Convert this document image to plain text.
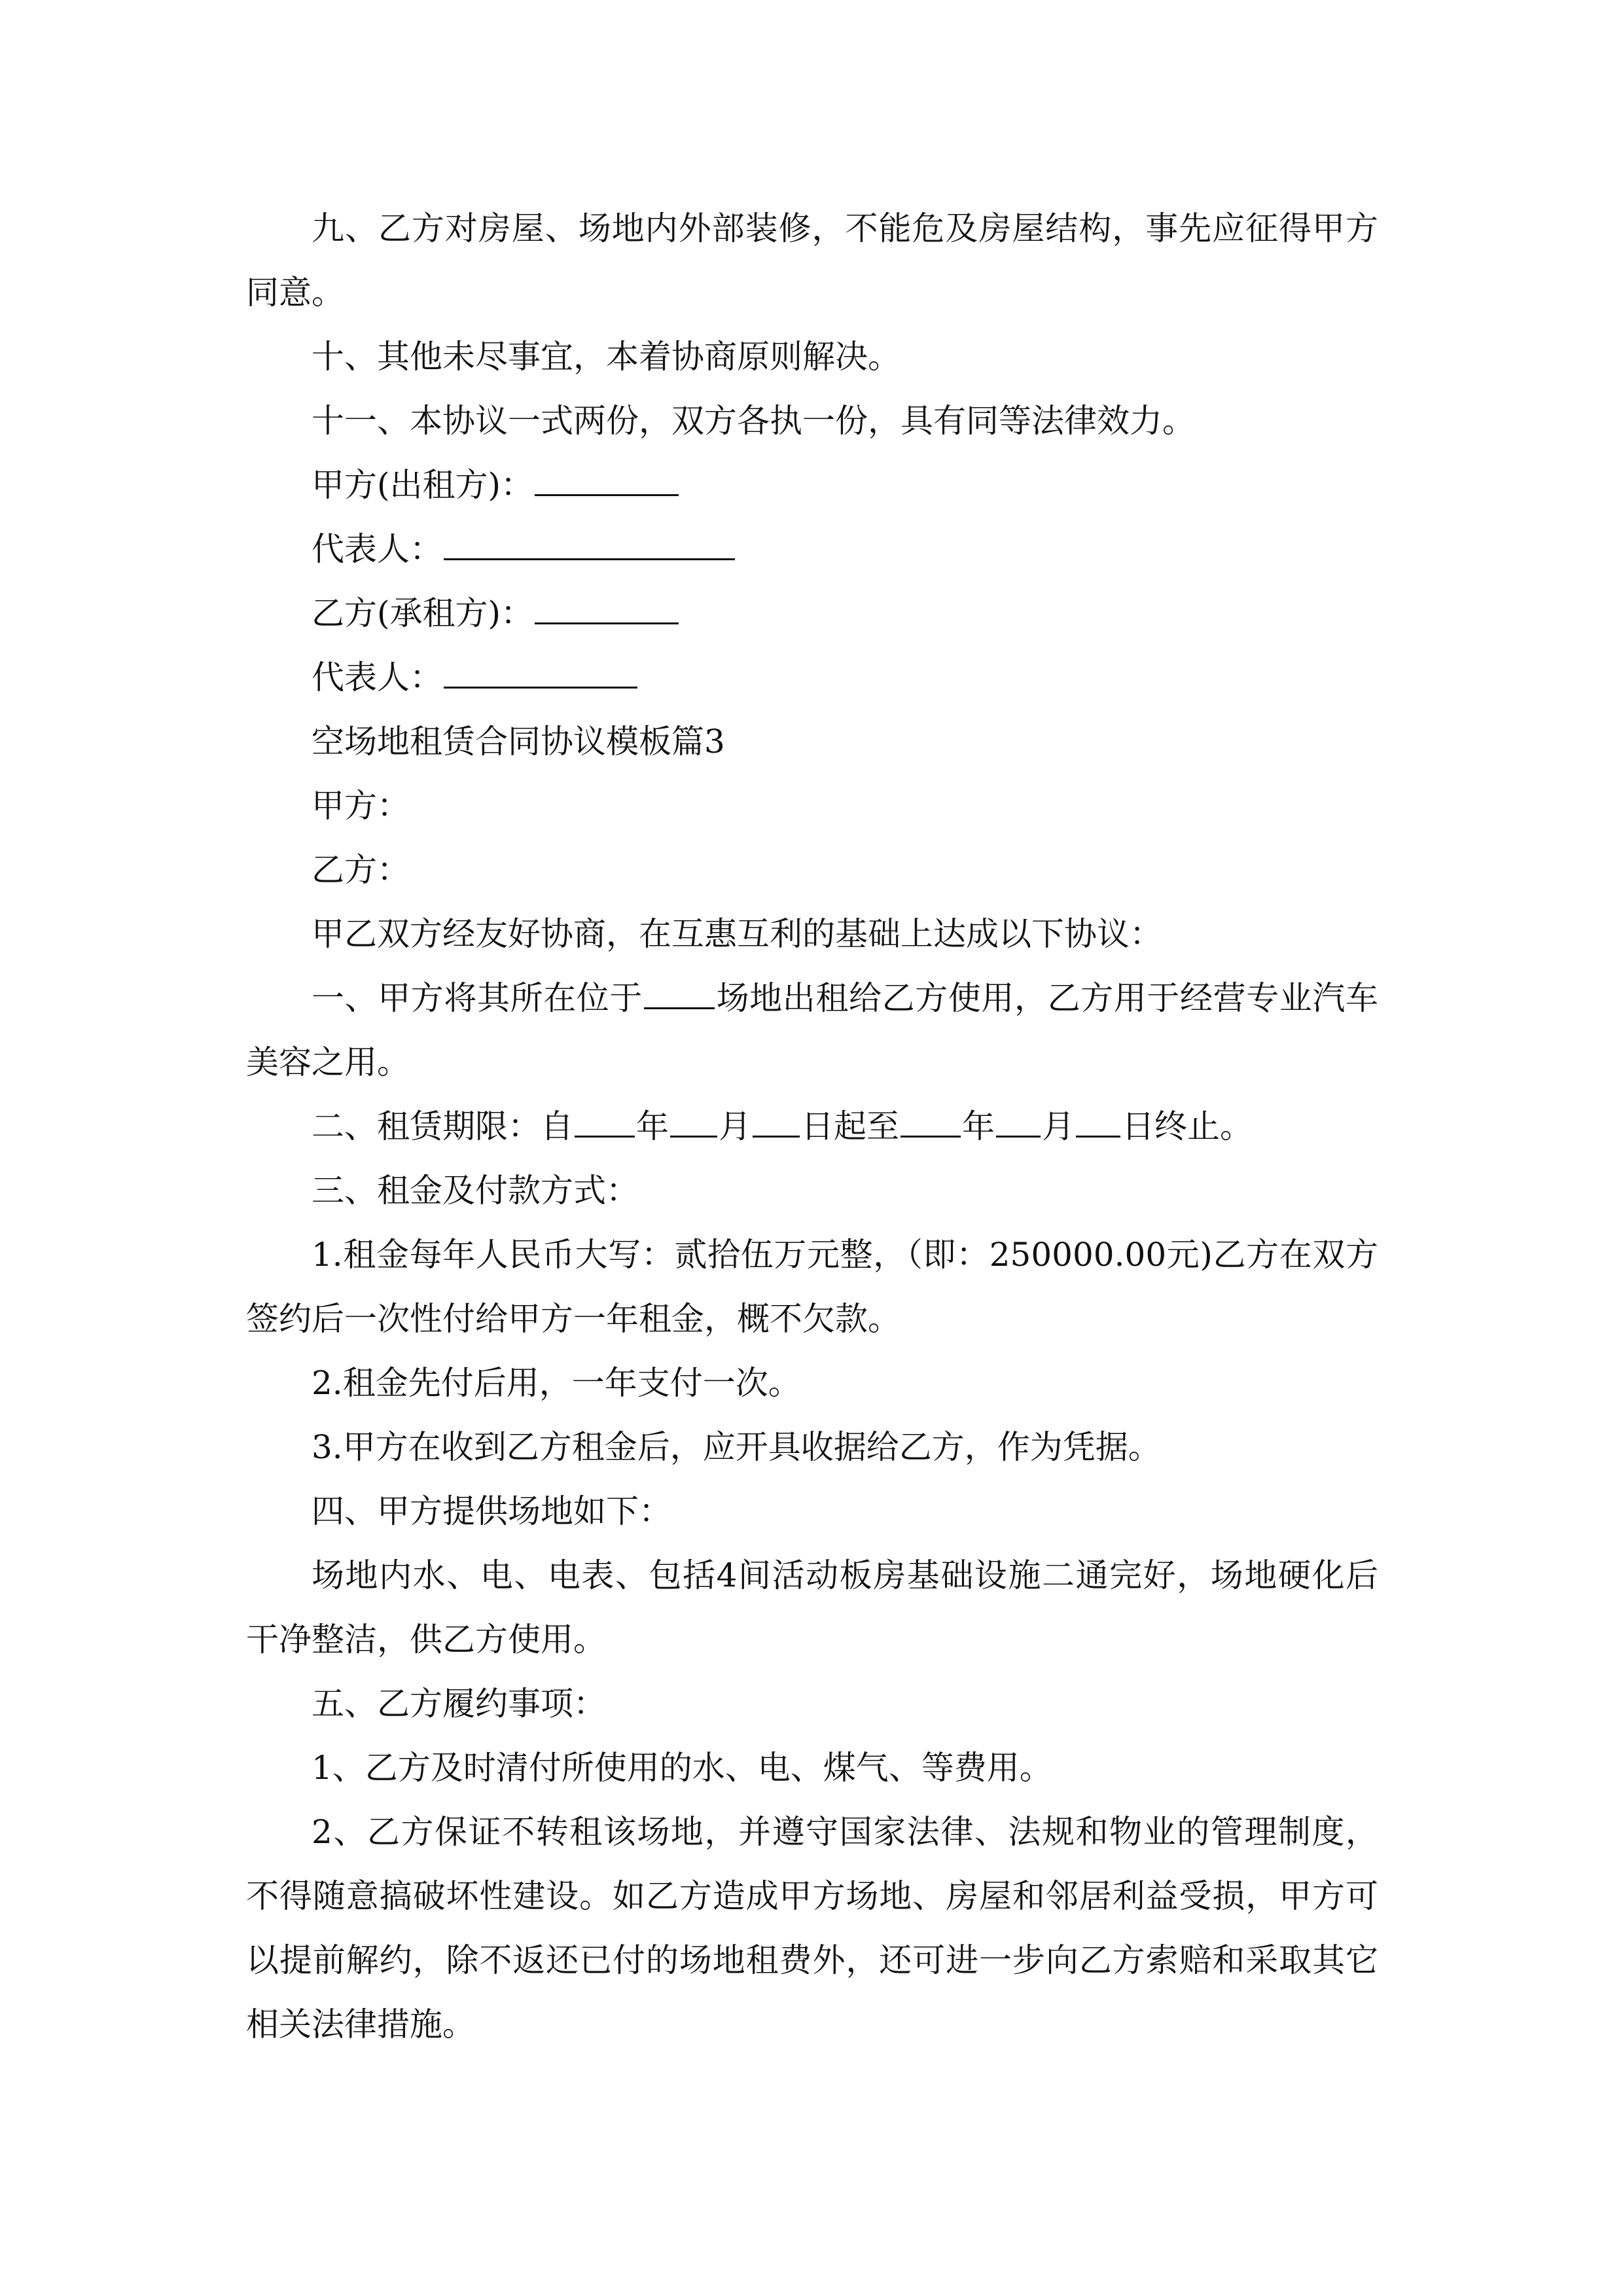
九、乙方对房屋、场地内外部装修，不能危及房屋结构，事先应征得甲方同意。

十、其他未尽事宜，本着协商原则解决。

十一、本协议一式两份，双方各执一份，具有同等法律效力。

甲方(出租方)：

代表人：

乙方(承租方)：

代表人：

空场地租赁合同协议模板篇3

甲方：

乙方：

甲乙双方经友好协商，在互惠互利的基础上达成以下协议：

一、甲方将其所在位于 场地出租给乙方使用，乙方用于经营专业汽车美容之用。

二、租赁期限：自 年 月 日起至 年 月 日终止。

三、租金及付款方式：

1.租金每年人民币大写：贰拾伍万元整，（即：250000.00元)乙方在双方签约后一次性付给甲方一年租金，概不欠款。

2.租金先付后用，一年支付一次。

3.甲方在收到乙方租金后，应开具收据给乙方，作为凭据。

四、甲方提供场地如下：

场地内水、电、电表、包括4间活动板房基础设施二通完好，场地硬化后干净整洁，供乙方使用。

五、乙方履约事项：

1、乙方及时清付所使用的水、电、煤气、等费用。

2、乙方保证不转租该场地，并遵守国家法律、法规和物业的管理制度，不得随意搞破坏性建设。如乙方造成甲方场地、房屋和邻居利益受损，甲方可以提前解约，除不返还已付的场地租费外，还可进一步向乙方索赔和采取其它相关法律措施。
